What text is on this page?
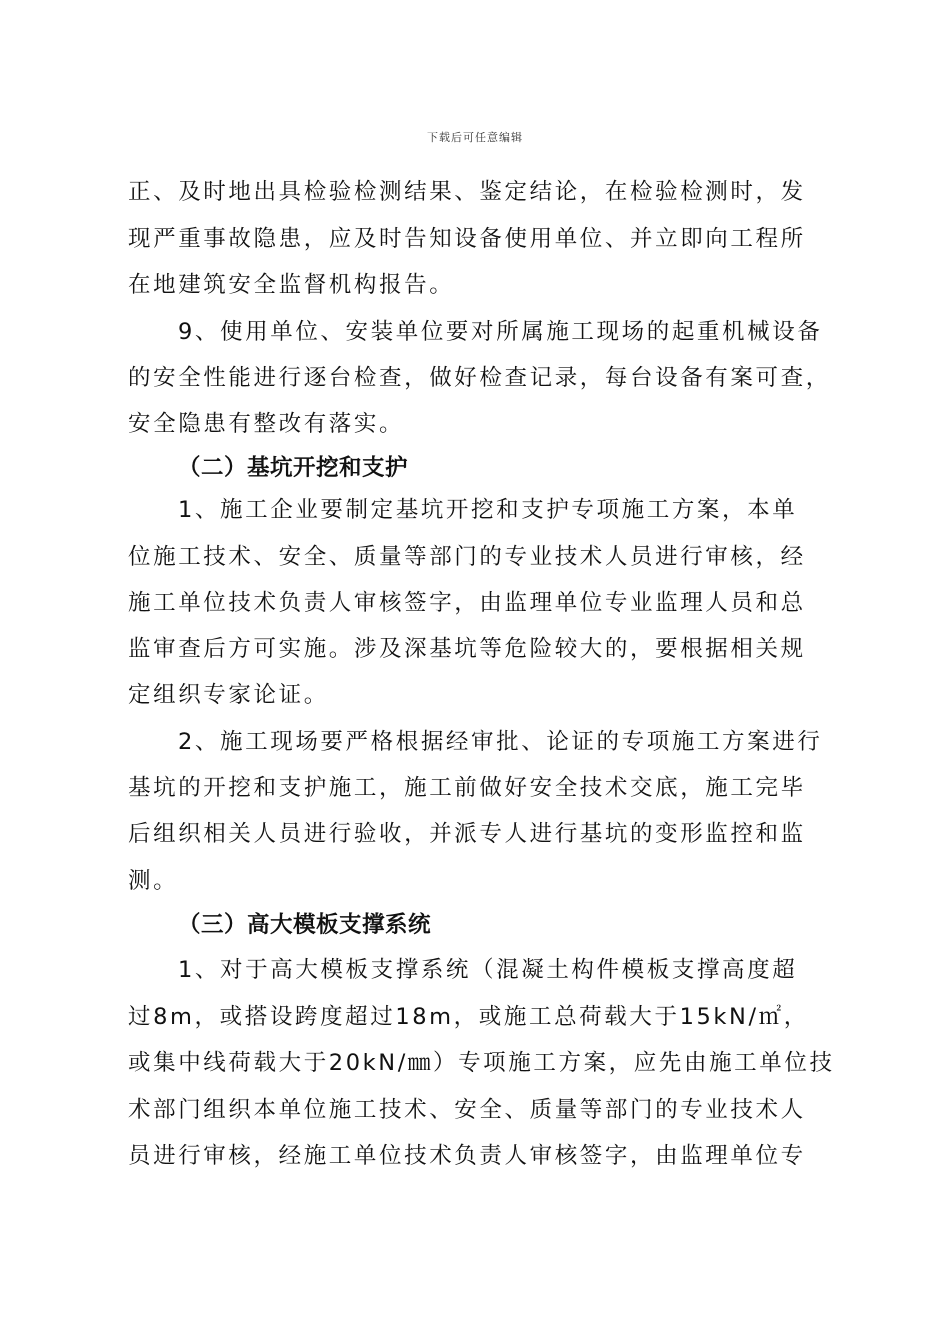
下载后可任意编辑
正、及时地出具检验检测结果、鉴定结论，在检验检测时，发
现严重事故隐患，应及时告知设备使用单位、并立即向工程所
在地建筑安全监督机构报告。
9、使用单位、安装单位要对所属施工现场的起重机械设备
的安全性能进行逐台检查，做好检查记录，每台设备有案可查，
安全隐患有整改有落实。
（二）基坑开挖和支护
1、施工企业要制定基坑开挖和支护专项施工方案，本单
位施工技术、安全、质量等部门的专业技术人员进行审核，经
施工单位技术负责人审核签字，由监理单位专业监理人员和总
监审查后方可实施。涉及深基坑等危险较大的，要根据相关规
定组织专家论证。
2、施工现场要严格根据经审批、论证的专项施工方案进行
基坑的开挖和支护施工，施工前做好安全技术交底，施工完毕
后组织相关人员进行验收，并派专人进行基坑的变形监控和监
测。
（三）高大模板支撑系统
1、对于高大模板支撑系统（混凝土构件模板支撑高度超
过8m，或搭设跨度超过18m，或施工总荷载大于15kN/㎡，
或集中线荷载大于20kN/㎜）专项施工方案，应先由施工单位技
术部门组织本单位施工技术、安全、质量等部门的专业技术人
员进行审核，经施工单位技术负责人审核签字，由监理单位专
